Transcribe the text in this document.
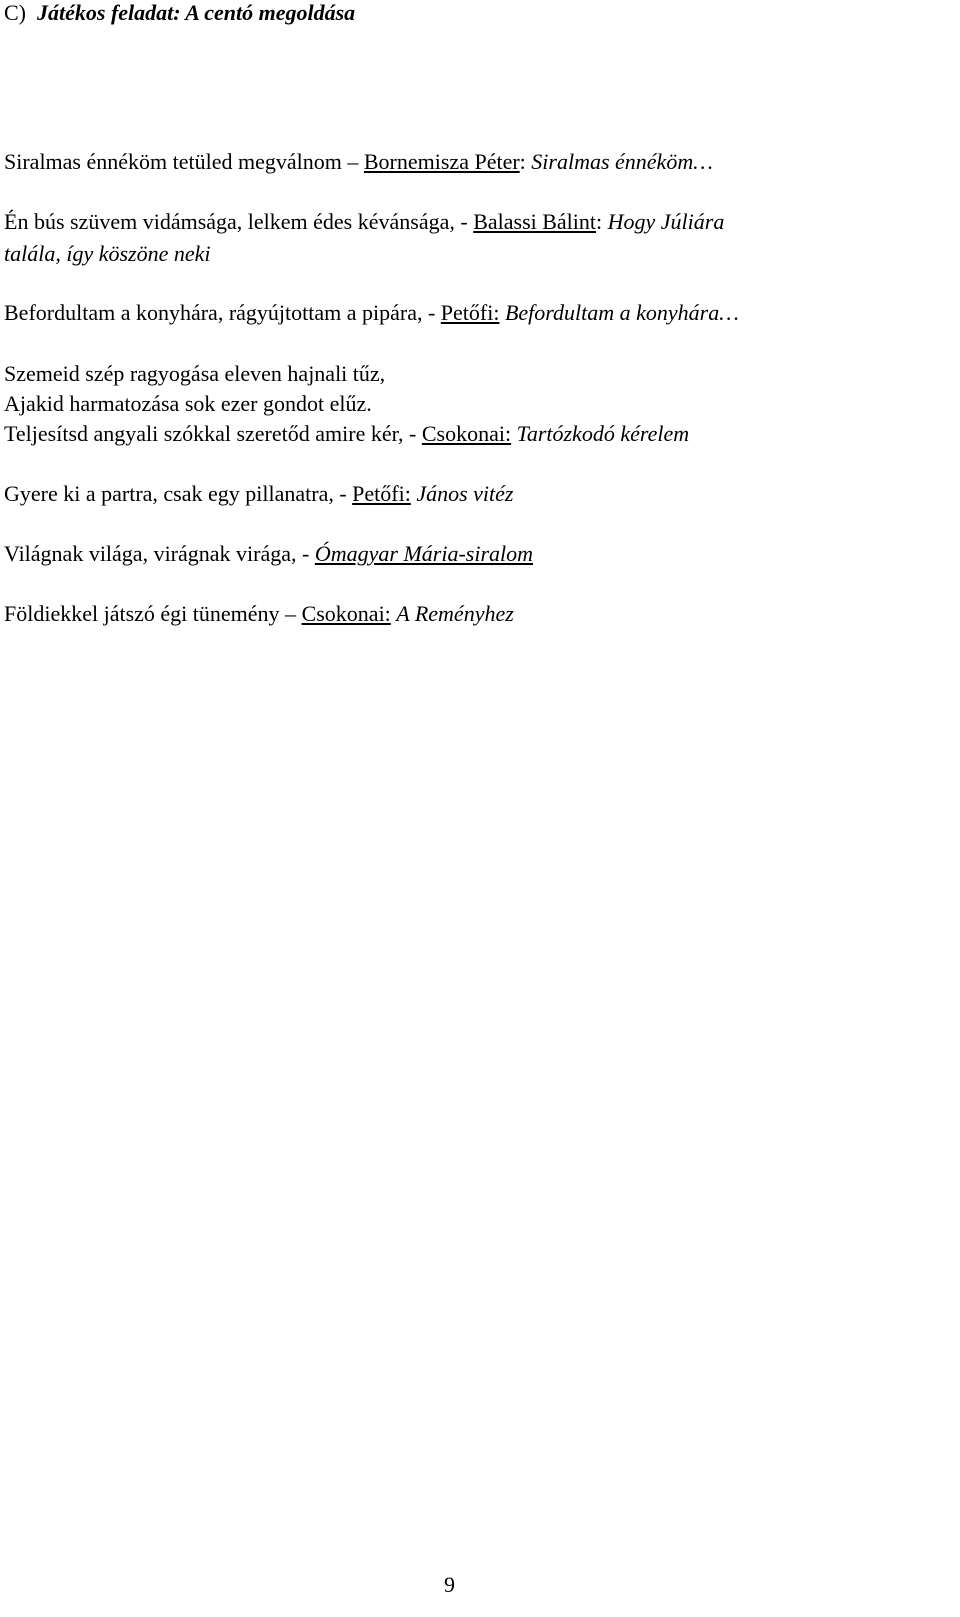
C) Játékos feladat: A centó megoldása
Siralmas énnéköm tetüled megválnom – Bornemisza Péter: Siralmas énnéköm…
Én bús szüvem vidámsága, lelkem édes kévánsága, - Balassi Bálint: Hogy Júliára
talála, így köszöne neki
Befordultam a konyhára, rágyújtottam a pipára, - Petőfi: Befordultam a konyhára…
Szemeid szép ragyogása eleven hajnali tűz,
Ajakid harmatozása sok ezer gondot elűz.
Teljesítsd angyali szókkal szeretőd amire kér, - Csokonai: Tartózkodó kérelem
Gyere ki a partra, csak egy pillanatra, - Petőfi: János vitéz
Világnak világa, virágnak virága, - Ómagyar Mária-siralom
Földiekkel játszó égi tünemény – Csokonai: A Reményhez
9
